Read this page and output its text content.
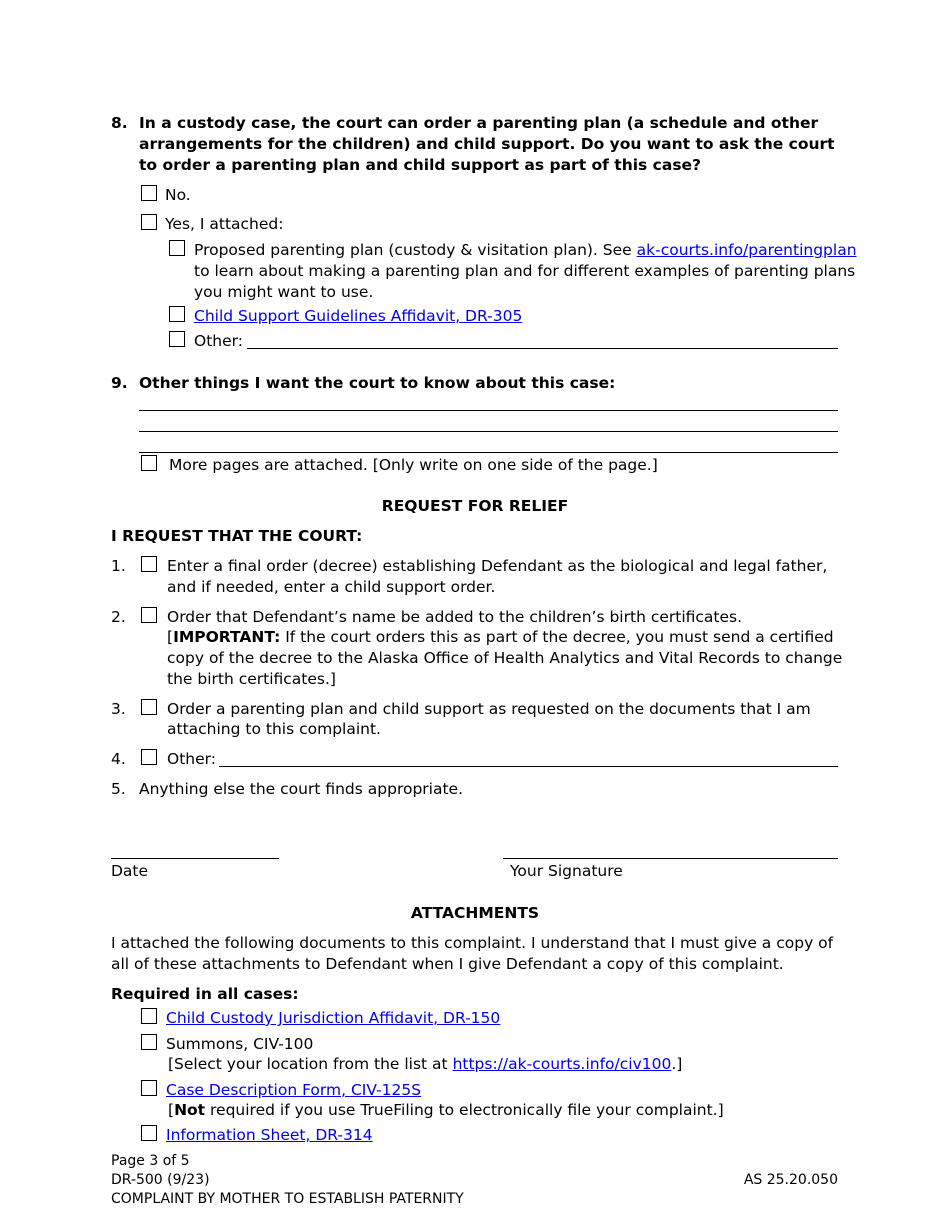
8. In a custody case, the court can order a parenting plan (a schedule and other
arrangements for the children) and child support. Do you want to ask the court
to order a parenting plan and child support as part of this case?
No.
Yes, I attached:
Proposed parenting plan (custody & visitation plan). See ak-courts.info/parentingplan
to learn about making a parenting plan and for different examples of parenting plans
you might want to use.
Child Support Guidelines Affidavit, DR-305
Other:
9. Other things I want the court to know about this case:
More pages are attached. [Only write on one side of the page.]
REQUEST FOR RELIEF
I REQUEST THAT THE COURT:
1.	Enter a final order (decree) establishing Defendant as the biological and legal father,
and if needed, enter a child support order.
2.	Order that Defendant’s name be added to the children’s birth certificates.
[IMPORTANT: If the court orders this as part of the decree, you must send a certified
copy of the decree to the Alaska Office of Health Analytics and Vital Records to change
the birth certificates.]
3.	Order a parenting plan and child support as requested on the documents that I am
attaching to this complaint.
4.	Other:
5. Anything else the court finds appropriate.
Date	Your Signature
ATTACHMENTS
I attached the following documents to this complaint. I understand that I must give a copy of
all of these attachments to Defendant when I give Defendant a copy of this complaint.
Required in all cases:
Child Custody Jurisdiction Affidavit, DR-150
Summons, CIV-100
[Select your location from the list at https://ak-courts.info/civ100.]
Case Description Form, CIV-125S
[Not required if you use TrueFiling to electronically file your complaint.]
Information Sheet, DR-314
Page 3 of 5
DR-500 (9/23)
COMPLAINT BY MOTHER TO ESTABLISH PATERNITY
AS 25.20.050
